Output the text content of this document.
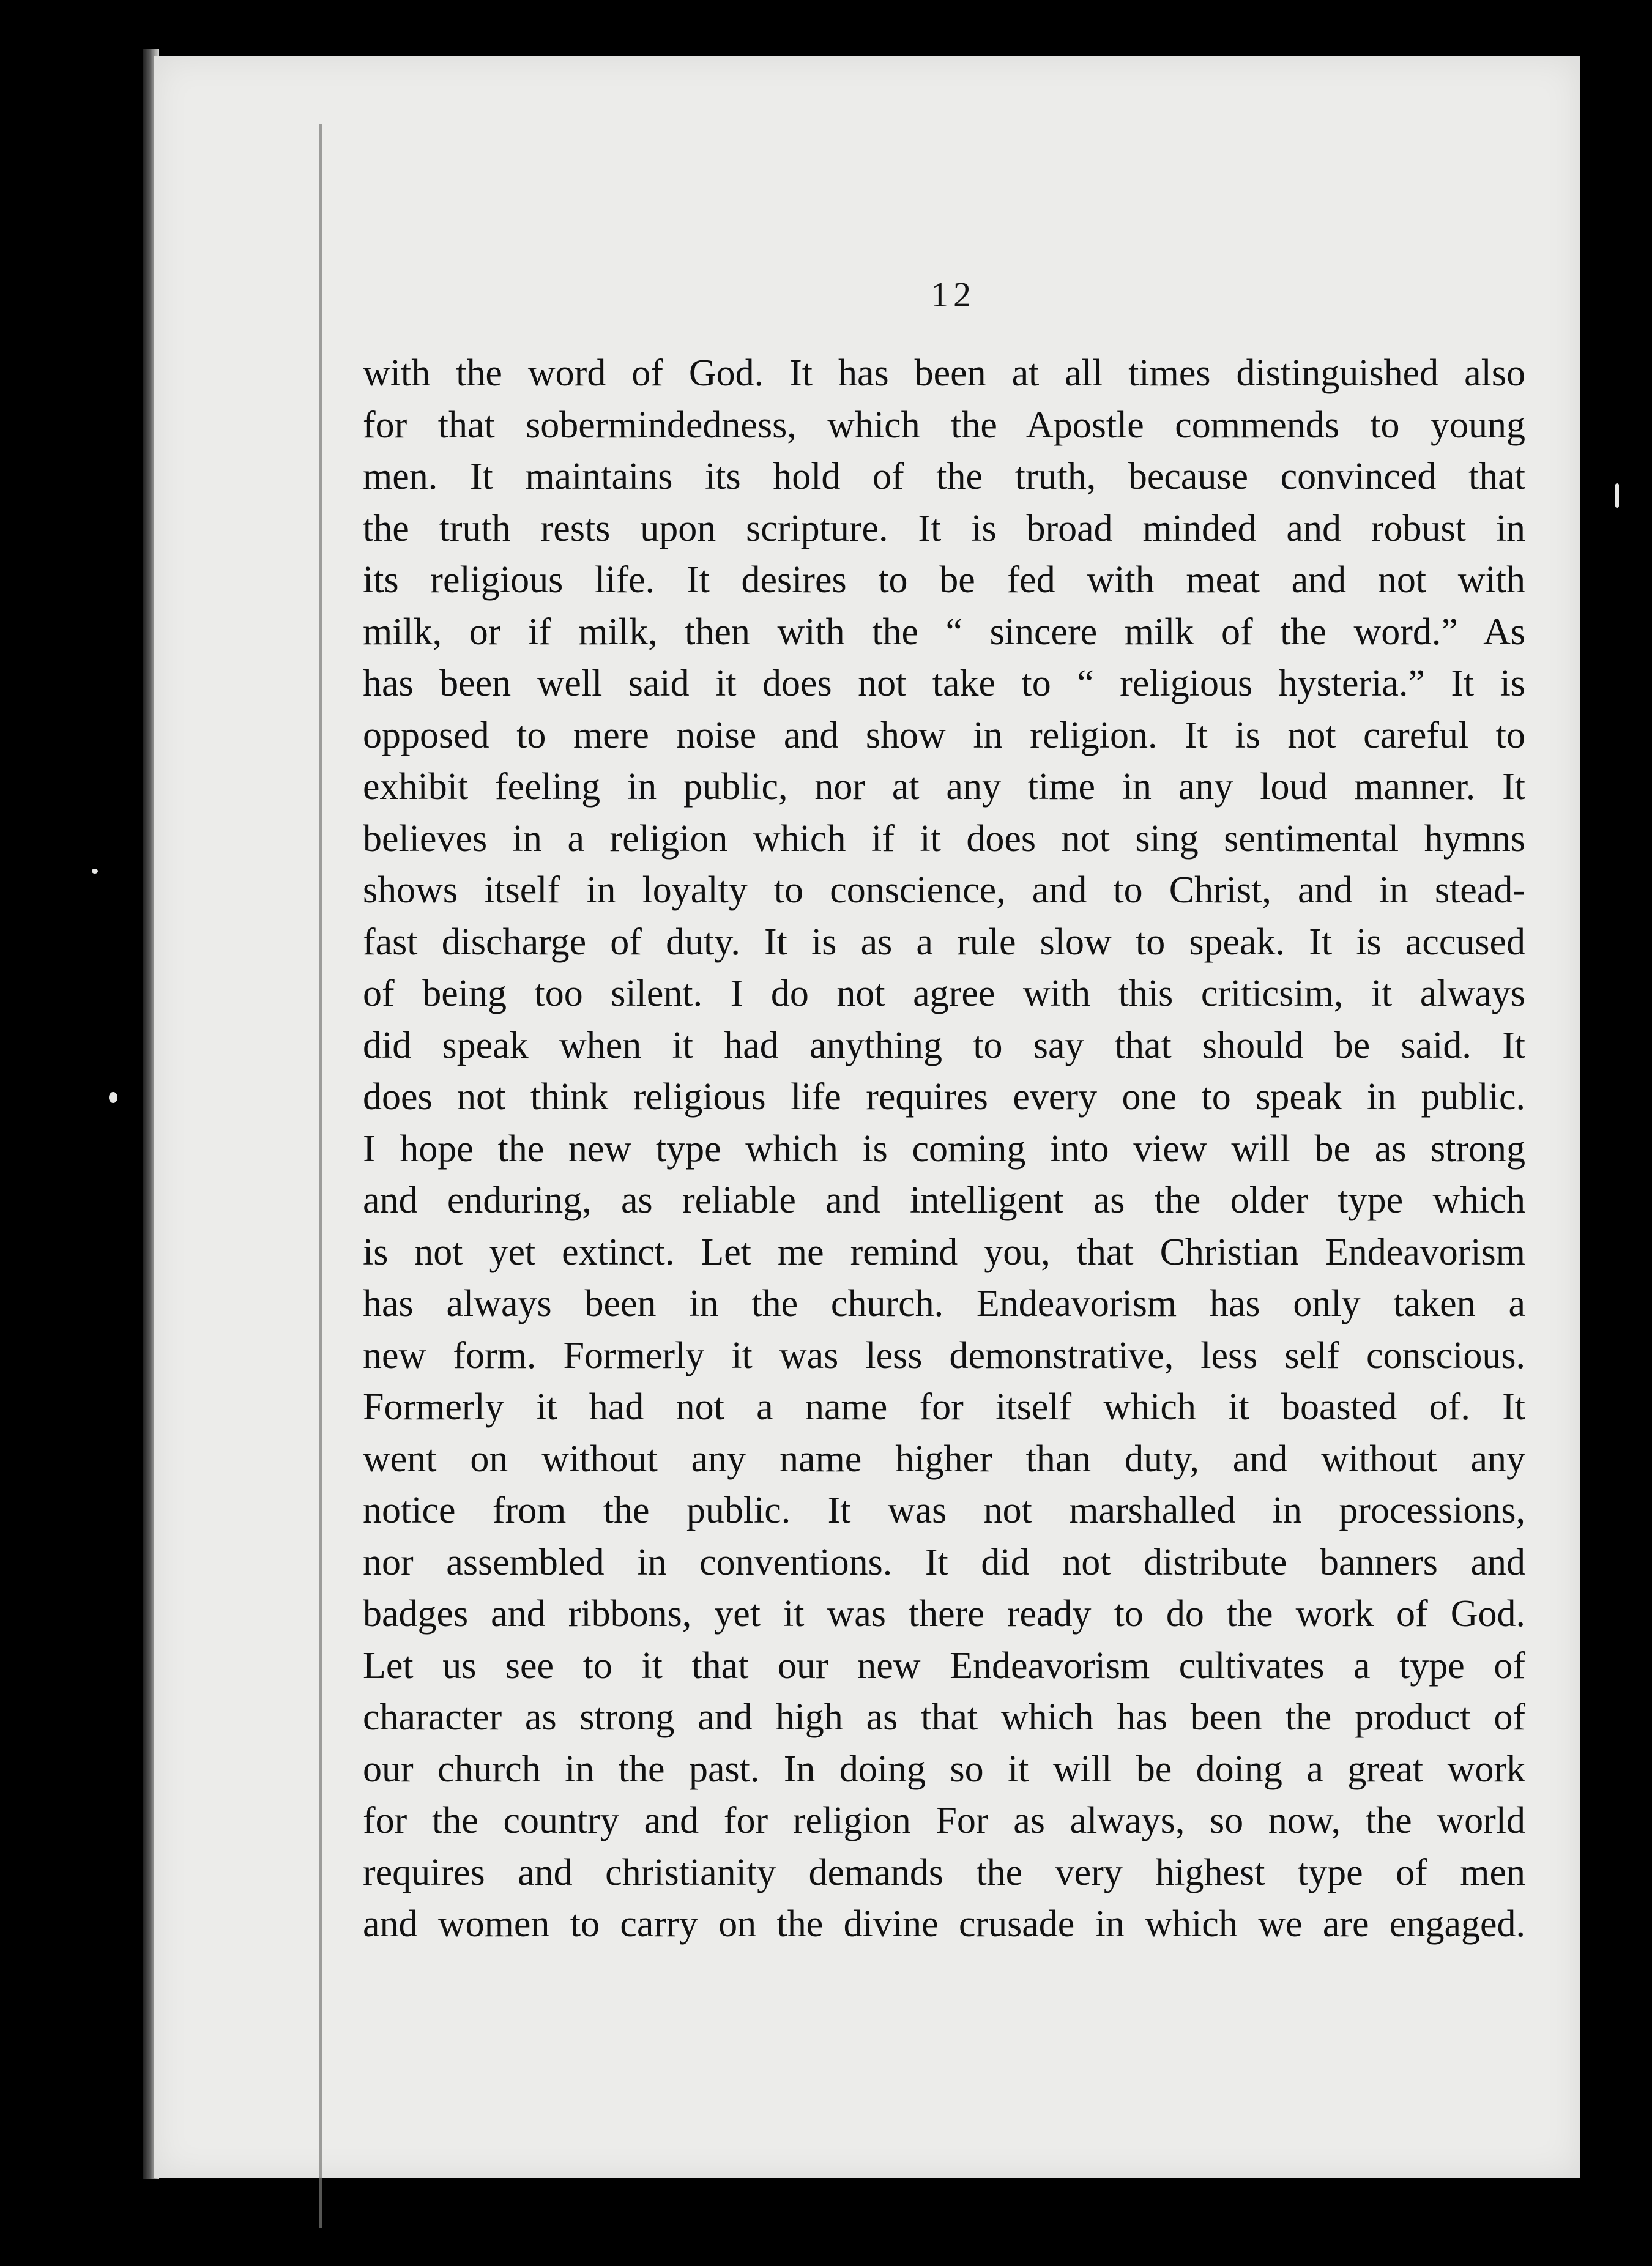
12
with the word of God. It has been at all times distinguished also
for that sobermindedness, which the Apostle commends to young
men. It maintains its hold of the truth, because convinced that
the truth rests upon scripture. It is broad minded and robust in
its religious life. It desires to be fed with meat and not with
milk, or if milk, then with the “ sincere milk of the word.” As
has been well said it does not take to “ religious hysteria.” It is
opposed to mere noise and show in religion. It is not careful to
exhibit feeling in public, nor at any time in any loud manner. It
believes in a religion which if it does not sing sentimental hymns
shows itself in loyalty to conscience, and to Christ, and in stead-
fast discharge of duty. It is as a rule slow to speak. It is accused
of being too silent. I do not agree with this criticsim, it always
did speak when it had anything to say that should be said. It
does not think religious life requires every one to speak in public.
I hope the new type which is coming into view will be as strong
and enduring, as reliable and intelligent as the older type which
is not yet extinct. Let me remind you, that Christian Endeavorism
has always been in the church. Endeavorism has only taken a
new form. Formerly it was less demonstrative, less self conscious.
Formerly it had not a name for itself which it boasted of. It
went on without any name higher than duty, and without any
notice from the public. It was not marshalled in processions,
nor assembled in conventions. It did not distribute banners and
badges and ribbons, yet it was there ready to do the work of God.
Let us see to it that our new Endeavorism cultivates a type of
character as strong and high as that which has been the product of
our church in the past. In doing so it will be doing a great work
for the country and for religion For as always, so now, the world
requires and christianity demands the very highest type of men
and women to carry on the divine crusade in which we are engaged.
